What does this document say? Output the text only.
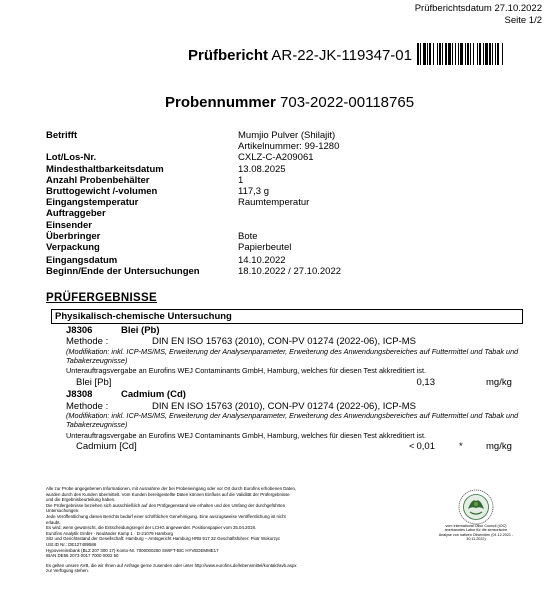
Prüfberichtsdatum 27.10.2022
Seite 1/2
Prüfbericht AR-22-JK-119347-01
Probennummer 703-2022-00118765
Betrifft	Mumjio Pulver (Shilajit)
Artikelnummer: 99-1280
Lot/Los-Nr.	CXLZ-C-A209061
Mindesthaltbarkeitsdatum	13.08.2025
Anzahl Probenbehälter	1
Bruttogewicht /-volumen	117,3 g
Eingangstemperatur	Raumtemperatur
Auftraggeber
Einsender
Überbringer	Bote
Verpackung	Papierbeutel
Eingangsdatum	14.10.2022
Beginn/Ende der Untersuchungen	18.10.2022 / 27.10.2022
PRÜFERGEBNISSE
Physikalisch-chemische Untersuchung
J8306	Blei (Pb)
Methode :	DIN EN ISO 15763 (2010), CON-PV 01274 (2022-06), ICP-MS
(Modifikation: inkl. ICP-MS/MS, Erweiterung der Analysenparameter, Erweiterung des Anwendungsbereiches auf Futtermittel und Tabak und Tabakerzeugnisse)
Unterauftragsvergabe an Eurofins WEJ Contaminants GmbH, Hamburg, welches für diesen Test akkreditiert ist.
Blei [Pb]	0,13	mg/kg
J8308	Cadmium (Cd)
Methode :	DIN EN ISO 15763 (2010), CON-PV 01274 (2022-06), ICP-MS
(Modifikation: inkl. ICP-MS/MS, Erweiterung der Analysenparameter, Erweiterung des Anwendungsbereiches auf Futtermittel und Tabak und Tabakerzeugnisse)
Unterauftragsvergabe an Eurofins WEJ Contaminants GmbH, Hamburg, welches für diesen Test akkreditiert ist.
Cadmium [Cd]	< 0,01	* mg/kg
Alle zur Probe angegebenen Informationen, mit Ausnahme der bei Probeneingang oder vor Ort durch Eurofins erhobenen Daten, wurden durch den Kunden übermittelt. Vom Kunden bereitgestellte Daten können Einfluss auf die Validität der Prüfergebnisse und die Ergebnisbeurteilung haben.
Die Prüfergebnisse beziehen sich ausschließlich auf den Prüfgegenstand wie erhalten und den Umfang der durchgeführten Untersuchungen.
Jede Veröffentlichung dieses Berichts bedarf einer schriftlichen Genehmigung. Eine auszugsweise Veröffentlichung ist nicht erlaubt.
Es wird, wenn gewünscht, die Entscheidungsregel der LCHG angewendet. Positionspapier vom 25.04.2018.
Eurofins Analytik GmbH · Neuländer Kamp 1 · D-21079 Hamburg
Sitz und Gerichtsstand der Gesellschaft: Hamburg – Amtsgericht Hamburg HRB 917 32 Geschäftsführer: Piotr Wokorzyc
USt.ID Nr.: DE127489586
Hypovereinsbank (BLZ 207 300 17) Konto-Nr. 7000000250 SWIFT-BIC HYVEDEMME17
IBAN DE56 2073 0017 7000 0002 50
Es gelten unsere AVB, die wir Ihnen auf Anfrage gerne zusenden oder unter http://www.eurofins.de/lebensmittel/kontakt/avb.aspx zur Verfügung stehen.
vom International Olive Council (IOC) anerkanntes Labor für die sensorische Analyse von nativen Olivenölen (01.12.2021 - 30.11.2022)
